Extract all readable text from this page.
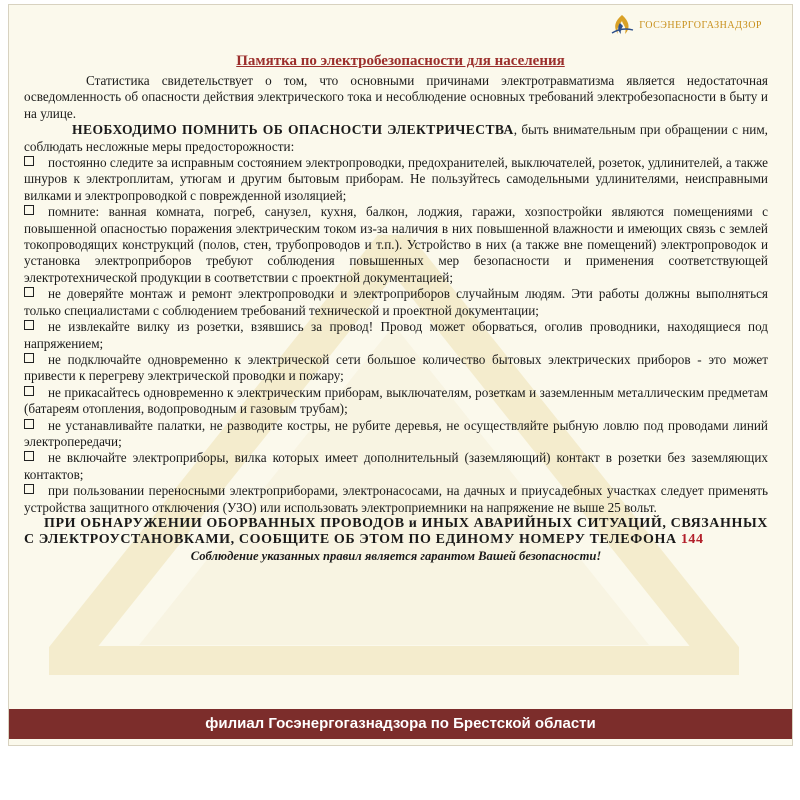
ГОСЭНЕРГОГАЗНАДЗОР
Памятка по электробезопасности для населения

Статистика свидетельствует о том, что основными причинами электротравматизма является недостаточная осведомленность об опасности действия электрического тока и несоблюдение основных требований электробезопасности в быту и на улице.

НЕОБХОДИМО ПОМНИТЬ ОБ ОПАСНОСТИ ЭЛЕКТРИЧЕСТВА, быть внимательным при обращении с ним, соблюдать несложные меры предосторожности:

постоянно следите за исправным состоянием электропроводки, предохранителей, выключателей, розеток, удлинителей, а также шнуров к электроплитам, утюгам и другим бытовым приборам. Не пользуйтесь самодельными удлинителями, неисправными вилками и электропроводкой с поврежденной изоляцией;

помните: ванная комната, погреб, санузел, кухня, балкон, лоджия, гаражи, хозпостройки являются помещениями с повышенной опасностью поражения электрическим током из-за наличия в них повышенной влажности и имеющих связь с землей токопроводящих конструкций (полов, стен, трубопроводов и т.п.). Устройство в них (а также вне помещений) электропроводок и установка электроприборов требуют соблюдения повышенных мер безопасности и применения соответствующей электротехнической продукции в соответствии с проектной документацией;

не доверяйте монтаж и ремонт электропроводки и электроприборов случайным людям. Эти работы должны выполняться только специалистами с соблюдением требований технической и проектной документации;

не извлекайте вилку из розетки, взявшись за провод! Провод может оборваться, оголив проводники, находящиеся под напряжением;

не подключайте одновременно к электрической сети большое количество бытовых электрических приборов - это может привести к перегреву электрической проводки и пожару;

не прикасайтесь одновременно к электрическим приборам, выключателям, розеткам и заземленным металлическим предметам (батареям отопления, водопроводным и газовым трубам);

не устанавливайте палатки, не разводите костры, не рубите деревья, не осуществляйте рыбную ловлю под проводами линий электропередачи;

не включайте электроприборы, вилка которых имеет дополнительный (заземляющий) контакт в розетки без заземляющих контактов;

при пользовании переносными электроприборами, электронасосами, на дачных и приусадебных участках следует применять устройства защитного отключения (УЗО) или использовать электроприемники на напряжение не выше 25 вольт.

ПРИ ОБНАРУЖЕНИИ ОБОРВАННЫХ ПРОВОДОВ и ИНЫХ АВАРИЙНЫХ СИТУАЦИЙ, СВЯЗАННЫХ С ЭЛЕКТРОУСТАНОВКАМИ, СООБЩИТЕ ОБ ЭТОМ ПО ЕДИНОМУ НОМЕРУ ТЕЛЕФОНА 144

Соблюдение указанных правил является гарантом Вашей безопасности!

филиал Госэнергогазнадзора по Брестской области
